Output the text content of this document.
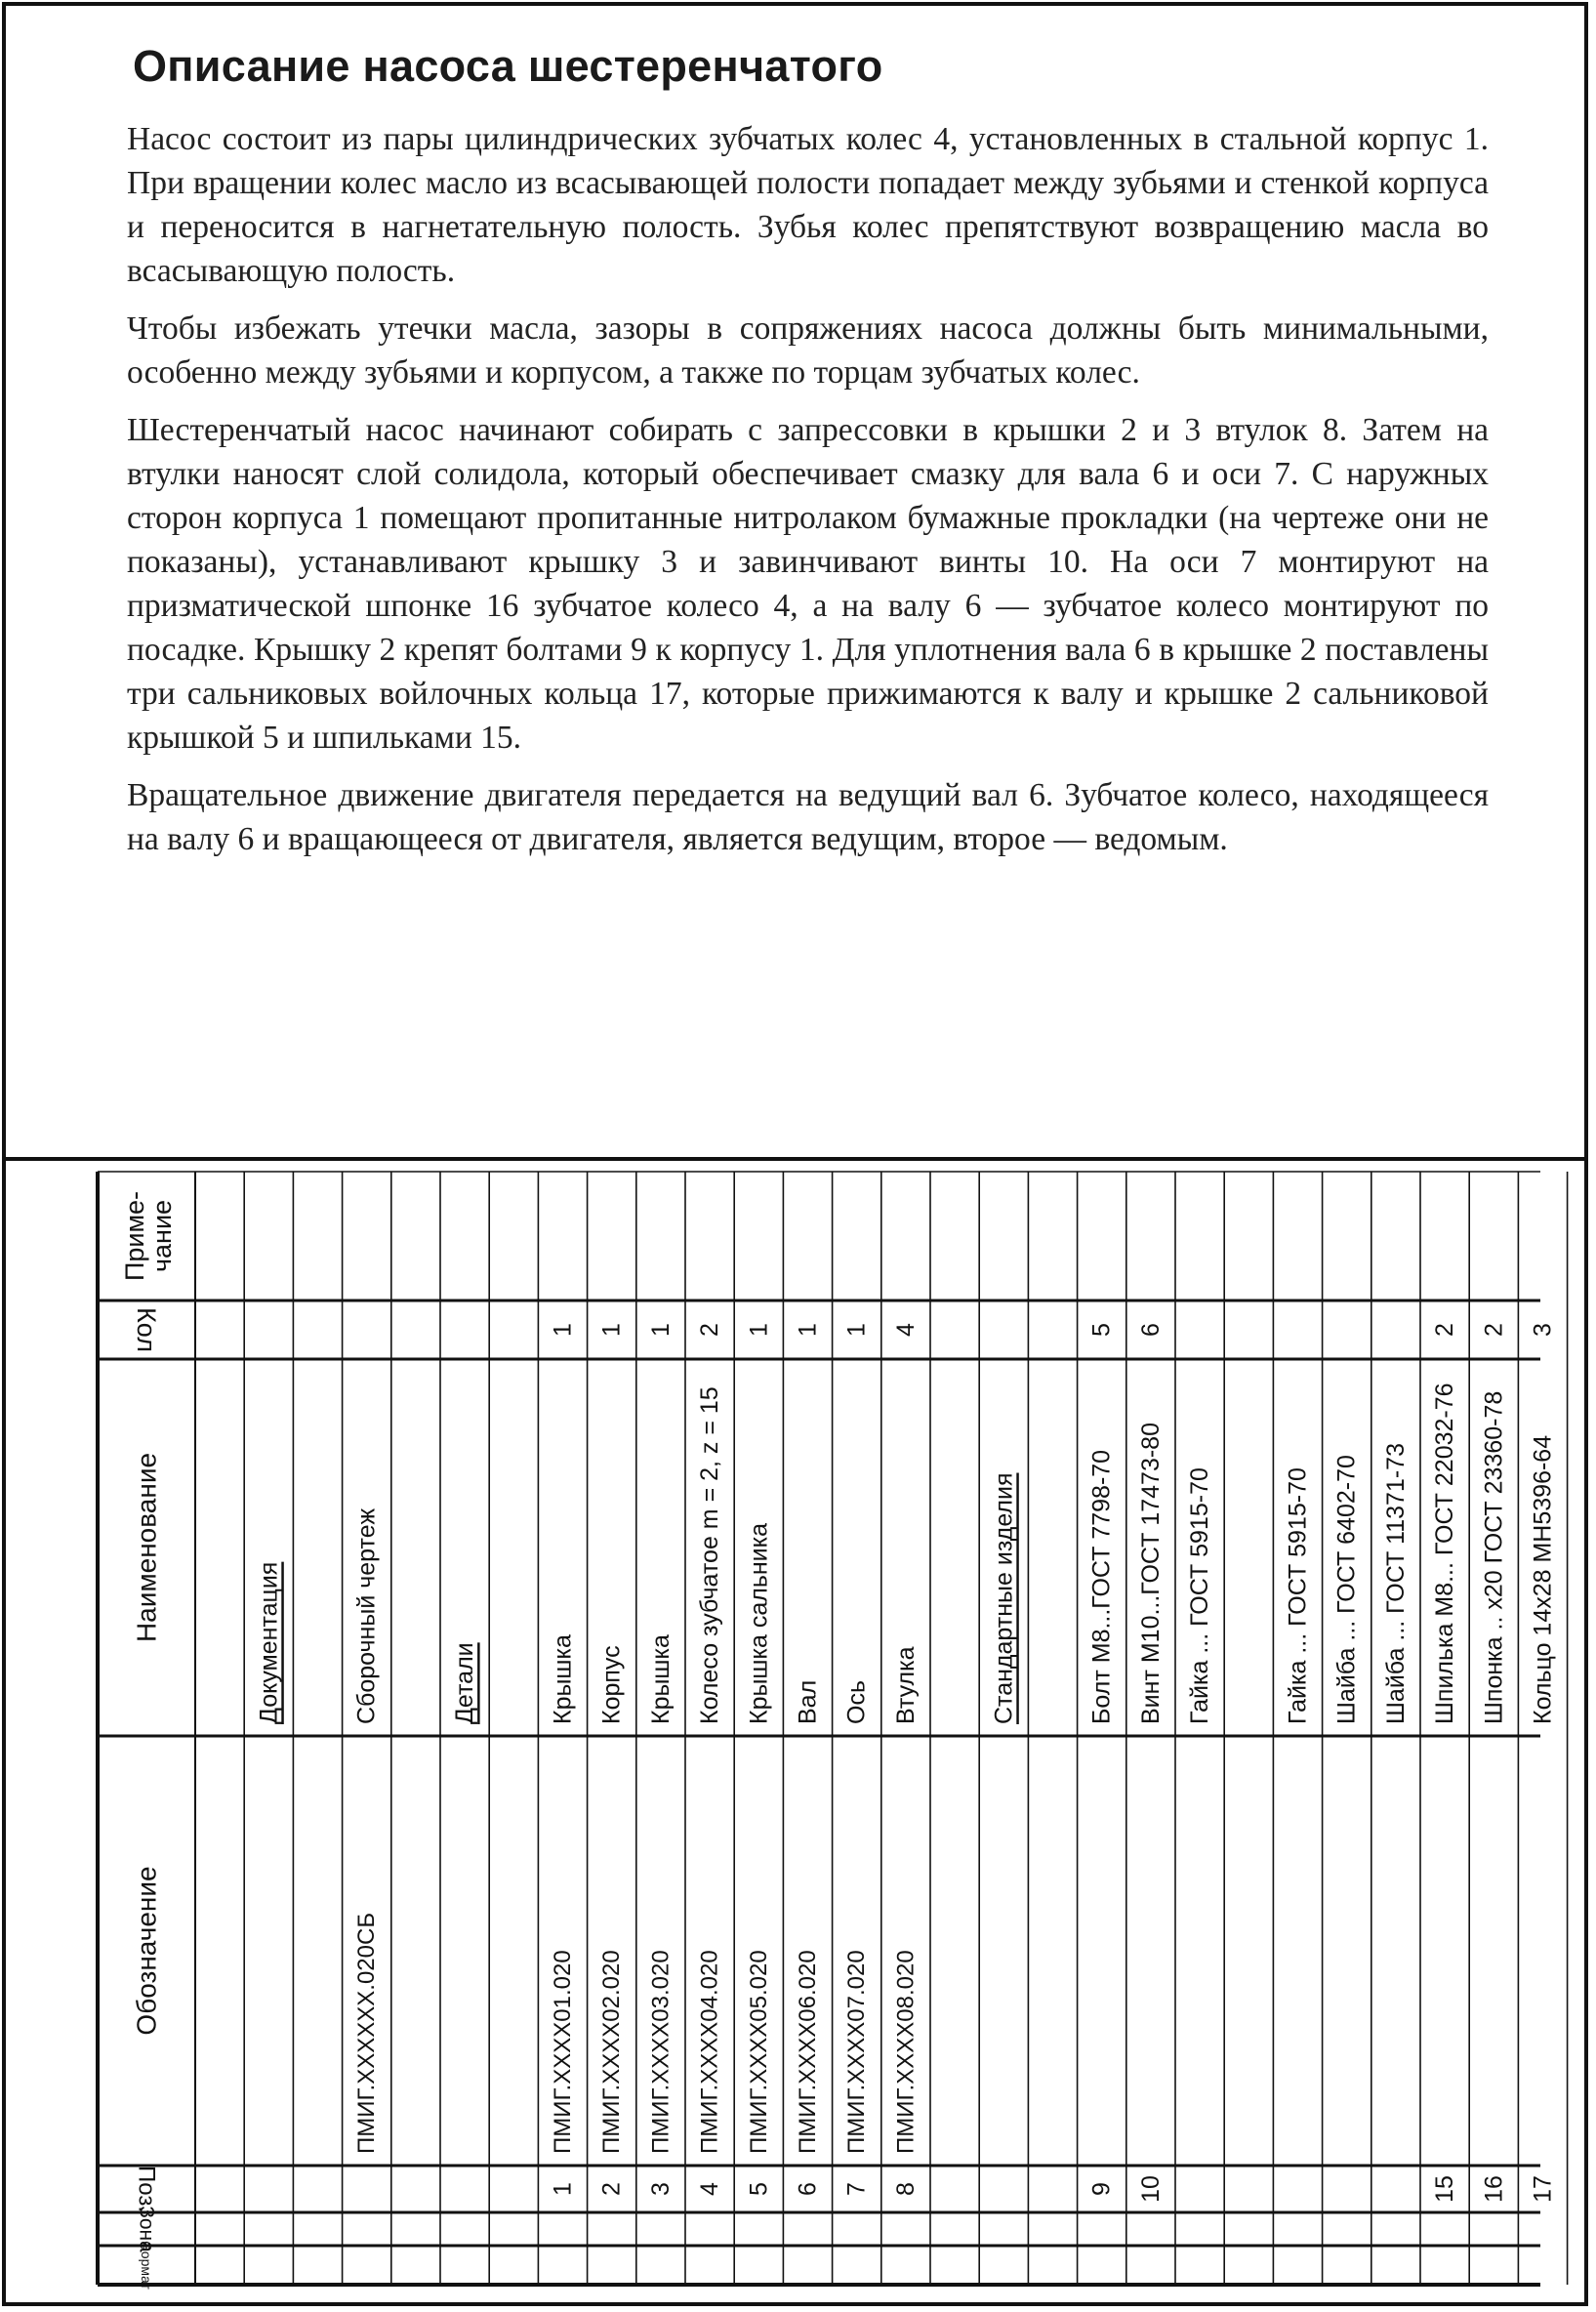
Описание насоса шестеренчатого

Насос состоит из пары цилиндрических зубчатых колес 4, установленных в стальной корпус 1. При вращении колес масло из всасывающей полости попадает между зубьями и стенкой корпуса и переносится в нагнетательную полость. Зубья колес препятствуют возвращению масла во всасывающую полость.

Чтобы избежать утечки масла, зазоры в сопряжениях насоса должны быть минимальными, особенно между зубьями и корпусом, а также по торцам зубчатых колес.

Шестеренчатый насос начинают собирать с запрессовки в крышки 2 и 3 втулок 8. Затем на втулки наносят слой солидола, который обеспечивает смазку для вала 6 и оси 7. С наружных сторон корпуса 1 помещают пропитанные нитролаком бумажные прокладки (на чертеже они не показаны), устанавливают крышку 3 и завинчивают винты 10. На оси 7 монтируют на призматической шпонке 16 зубчатое колесо 4, а на валу 6 — зубчатое колесо монтируют по посадке. Крышку 2 крепят болтами 9 к корпусу 1. Для уплотнения вала 6 в крышке 2 поставлены три сальниковых войлочных кольца 17, которые прижимаются к валу и крышке 2 сальниковой крышкой 5 и шпильками 15.

Вращательное движение двигателя передается на ведущий вал 6. Зубчатое колесо, находящееся на валу 6 и вращающееся от двигателя, является ведущим, второе — ведомым.

Приме-
чание
Кол
Наименование
Обозначение
Поз.
Зона
Формат
Документация
ПМИГ.XXXXXX.020СБ
Сборочный чертеж	Детали
1
ПМИГ.XXXX01.020
Крышка
1
2
ПМИГ.XXXX02.020
Корпус
1
3
ПМИГ.XXXX03.020
Крышка
1
4
ПМИГ.XXXX04.020
Колесо зубчатое m = 2, z = 15
2
5
ПМИГ.XXXX05.020
Крышка сальника
1
6
ПМИГ.XXXX06.020
Вал
1
7
ПМИГ.XXXX07.020
Ось
1
8
ПМИГ.XXXX08.020
Втулка
4
Стандартные изделия
9
Болт М8...ГОСТ 7798-70
5
10
Винт М10...ГОСТ 17473-80
6
Гайка ... ГОСТ 5915-70	Гайка ... ГОСТ 5915-70 Шайба ... ГОСТ 6402-70 Шайба ... ГОСТ 11371-73
15
Шпилька М8... ГОСТ 22032-76
2
16
Шпонка .. x20 ГОСТ 23360-78
2
17
Кольцо 14x28 МН5396-64
3
